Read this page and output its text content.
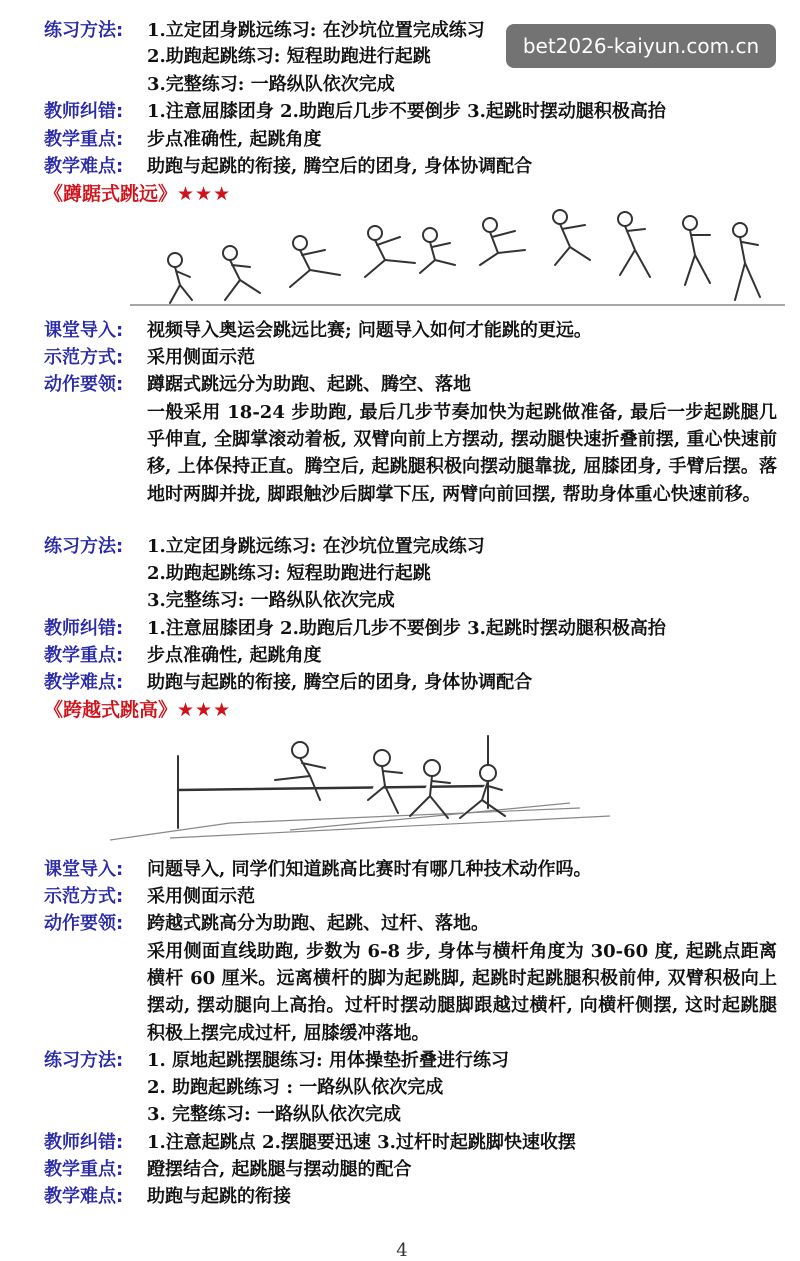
练习方法: 1.立定团身跳远练习: 在沙坑位置完成练习
2.助跑起跳练习: 短程助跑进行起跳
3.完整练习: 一路纵队依次完成
教师纠错: 1.注意屈膝团身 2.助跑后几步不要倒步 3.起跳时摆动腿积极高抬
教学重点: 步点准确性, 起跳角度
教学难点: 助跑与起跳的衔接, 腾空后的团身, 身体协调配合
bet2026-kaiyun.com.cn
《蹲踞式跳远》★★★
课堂导入: 视频导入奥运会跳远比赛; 问题导入如何才能跳的更远。
示范方式: 采用侧面示范
动作要领: 蹲踞式跳远分为助跑、起跳、腾空、落地
一般采用 18-24 步助跑, 最后几步节奏加快为起跳做准备, 最后一步起跳腿几乎伸直, 全脚掌滚动着板, 双臂向前上方摆动, 摆动腿快速折叠前摆, 重心快速前移, 上体保持正直。腾空后, 起跳腿积极向摆动腿靠拢, 屈膝团身, 手臂后摆。落地时两脚并拢, 脚跟触沙后脚掌下压, 两臂向前回摆, 帮助身体重心快速前移。
练习方法: 1.立定团身跳远练习: 在沙坑位置完成练习
2.助跑起跳练习: 短程助跑进行起跳
3.完整练习: 一路纵队依次完成
教师纠错: 1.注意屈膝团身 2.助跑后几步不要倒步 3.起跳时摆动腿积极高抬
教学重点: 步点准确性, 起跳角度
教学难点: 助跑与起跳的衔接, 腾空后的团身, 身体协调配合
《跨越式跳高》★★★
课堂导入: 问题导入, 同学们知道跳高比赛时有哪几种技术动作吗。
示范方式: 采用侧面示范
动作要领: 跨越式跳高分为助跑、起跳、过杆、落地。
采用侧面直线助跑, 步数为 6-8 步, 身体与横杆角度为 30-60 度, 起跳点距离横杆 60 厘米。远离横杆的脚为起跳脚, 起跳时起跳腿积极前伸, 双臂积极向上摆动, 摆动腿向上高抬。过杆时摆动腿脚跟越过横杆, 向横杆侧摆, 这时起跳腿积极上摆完成过杆, 屈膝缓冲落地。
练习方法: 1. 原地起跳摆腿练习: 用体操垫折叠进行练习
2. 助跑起跳练习 : 一路纵队依次完成
3. 完整练习: 一路纵队依次完成
教师纠错: 1.注意起跳点 2.摆腿要迅速 3.过杆时起跳脚快速收摆
教学重点: 蹬摆结合, 起跳腿与摆动腿的配合
教学难点: 助跑与起跳的衔接
4
